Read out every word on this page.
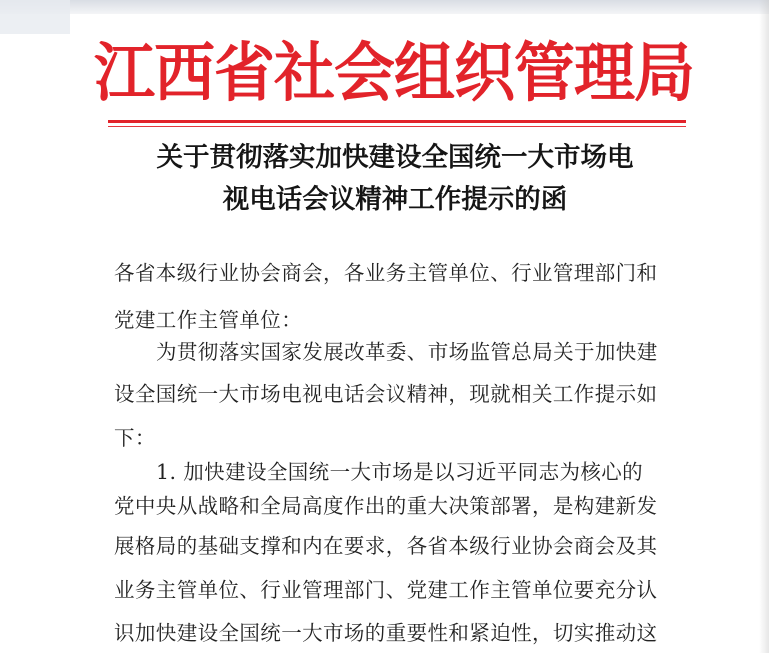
江西省社会组织管理局
关于贯彻落实加快建设全国统一大市场电
视电话会议精神工作提示的函
各省本级行业协会商会，各业务主管单位、行业管理部门和
党建工作主管单位：
为贯彻落实国家发展改革委、市场监管总局关于加快建
设全国统一大市场电视电话会议精神，现就相关工作提示如
下：
1. 加快建设全国统一大市场是以习近平同志为核心的
党中央从战略和全局高度作出的重大决策部署，是构建新发
展格局的基础支撑和内在要求，各省本级行业协会商会及其
业务主管单位、行业管理部门、党建工作主管单位要充分认
识加快建设全国统一大市场的重要性和紧迫性，切实推动这
